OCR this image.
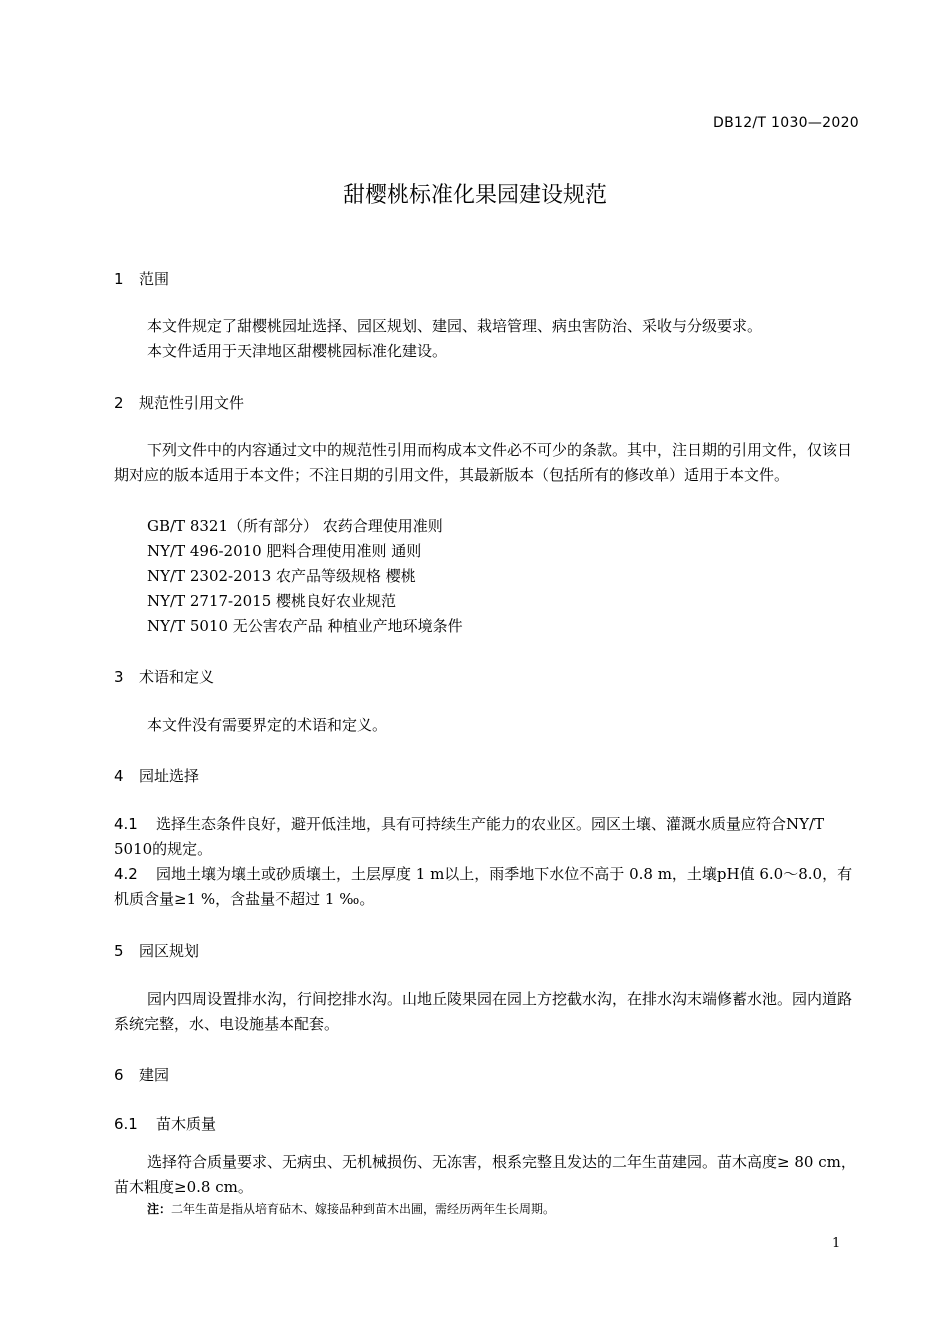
DB12/T 1030—2020
甜樱桃标准化果园建设规范
1 范围
本文件规定了甜樱桃园址选择、园区规划、建园、栽培管理、病虫害防治、采收与分级要求。
本文件适用于天津地区甜樱桃园标准化建设。
2 规范性引用文件
下列文件中的内容通过文中的规范性引用而构成本文件必不可少的条款。其中，注日期的引用文件，仅该日期对应的版本适用于本文件；不注日期的引用文件，其最新版本（包括所有的修改单）适用于本文件。
GB/T 8321（所有部分） 农药合理使用准则
NY/T 496-2010 肥料合理使用准则 通则
NY/T 2302-2013 农产品等级规格 樱桃
NY/T 2717-2015 樱桃良好农业规范
NY/T 5010 无公害农产品 种植业产地环境条件
3 术语和定义
本文件没有需要界定的术语和定义。
4 园址选择
4.1 选择生态条件良好，避开低洼地，具有可持续生产能力的农业区。园区土壤、灌溉水质量应符合NY/T 5010的规定。
4.2 园地土壤为壤土或砂质壤土，土层厚度 1 m以上，雨季地下水位不高于 0.8 m，土壤pH值 6.0～8.0，有机质含量≥1 %，含盐量不超过 1 ‰。
5 园区规划
园内四周设置排水沟，行间挖排水沟。山地丘陵果园在园上方挖截水沟，在排水沟末端修蓄水池。园内道路系统完整，水、电设施基本配套。
6 建园
6.1 苗木质量
选择符合质量要求、无病虫、无机械损伤、无冻害，根系完整且发达的二年生苗建园。苗木高度≥ 80 cm，苗木粗度≥0.8 cm。
注：二年生苗是指从培育砧木、嫁接品种到苗木出圃，需经历两年生长周期。
1
